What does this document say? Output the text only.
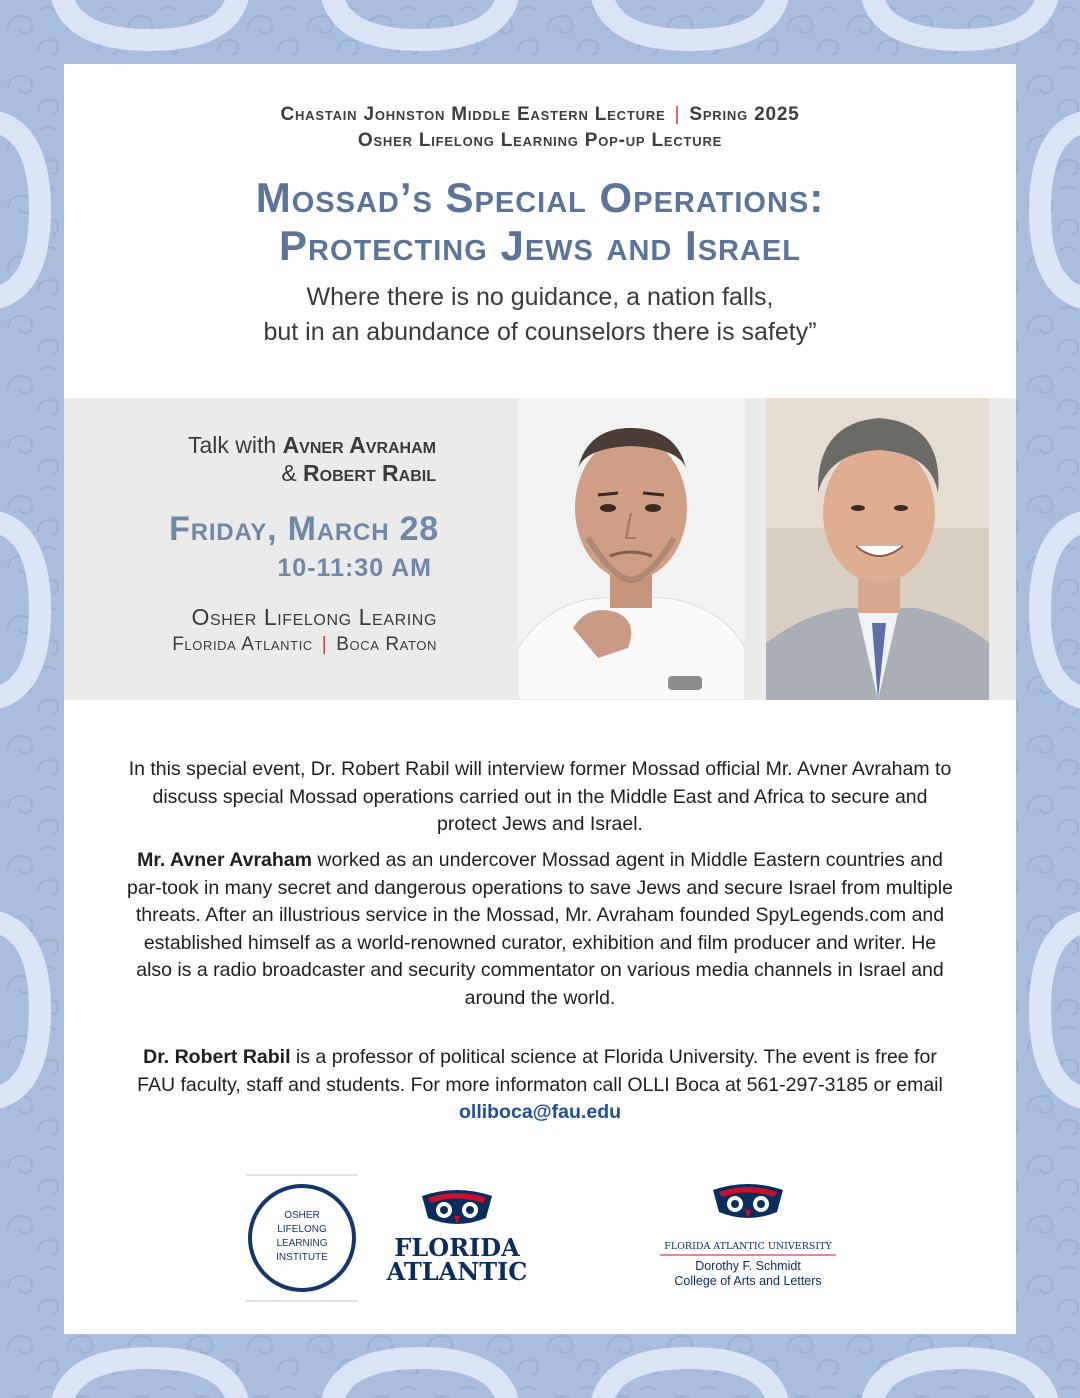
Chastain Johnston Middle Eastern Lecture | Spring 2025
Osher Lifelong Learning Pop-up Lecture
Mossad’s Special Operations:
Protecting Jews and Israel
Where there is no guidance, a nation falls,
but in an abundance of counselors there is safety”
Talk with Avner Avraham
& Robert Rabil
Friday, March 28
10-11:30 AM
Osher Lifelong Learing
Florida Atlantic | Boca Raton
In this special event, Dr. Robert Rabil will interview former Mossad official Mr. Avner Avraham to discuss special Mossad operations carried out in the Middle East and Africa to secure and protect Jews and Israel.
Mr. Avner Avraham worked as an undercover Mossad agent in Middle Eastern countries and par-took in many secret and dangerous operations to save Jews and secure Israel from multiple threats. After an illustrious service in the Mossad, Mr. Avraham founded SpyLegends.com and established himself as a world-renowned curator, exhibition and film producer and writer. He also is a radio broadcaster and security commentator on various media channels in Israel and around the world.
Dr. Robert Rabil is a professor of political science at Florida University. The event is free for FAU faculty, staff and students. For more informaton call OLLI Boca at 561-297-3185 or email olliboca@fau.edu
OSHER
LIFELONG
LEARNING
INSTITUTE	FLORIDA
ATLANTIC
FLORIDA ATLANTIC UNIVERSITY
Dorothy F. Schmidt
College of Arts and Letters
